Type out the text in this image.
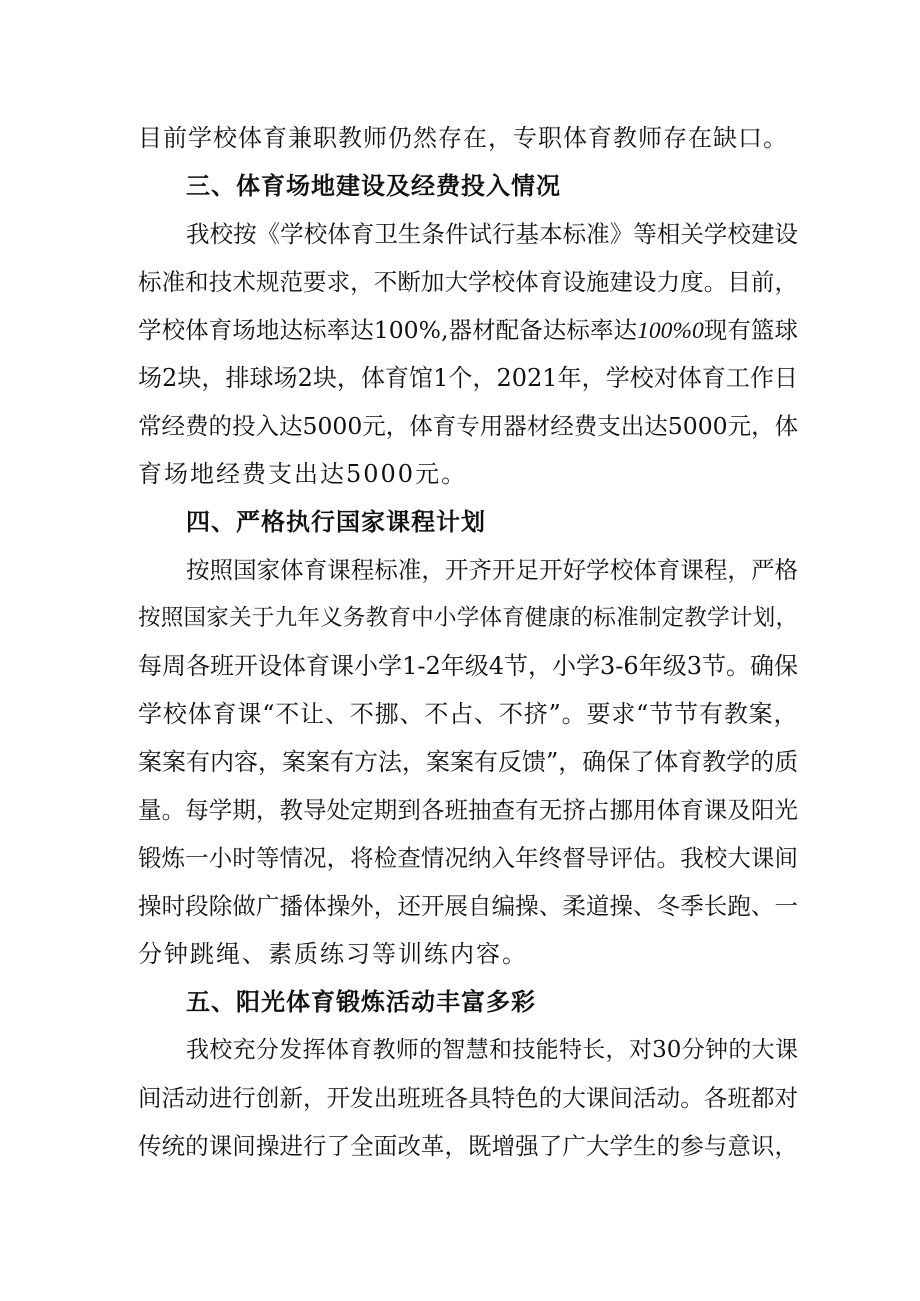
目前学校体育兼职教师仍然存在，专职体育教师存在缺口。
三、体育场地建设及经费投入情况
我校按《学校体育卫生条件试行基本标准》等相关学校建设
标准和技术规范要求，不断加大学校体育设施建设力度。目前，
学校体育场地达标率达100%,器材配备达标率达100%0现有篮球
场2块，排球场2块，体育馆1个，2021年，学校对体育工作日
常经费的投入达5000元，体育专用器材经费支出达5000元，体
育场地经费支出达5000元。
四、严格执行国家课程计划
按照国家体育课程标准，开齐开足开好学校体育课程，严格
按照国家关于九年义务教育中小学体育健康的标准制定教学计划，
每周各班开设体育课小学1-2年级4节，小学3-6年级3节。确保
学校体育课“不让、不挪、不占、不挤”。要求“节节有教案，
案案有内容，案案有方法，案案有反馈”，确保了体育教学的质
量。每学期，教导处定期到各班抽查有无挤占挪用体育课及阳光
锻炼一小时等情况，将检查情况纳入年终督导评估。我校大课间
操时段除做广播体操外，还开展自编操、柔道操、冬季长跑、一
分钟跳绳、素质练习等训练内容。
五、阳光体育锻炼活动丰富多彩
我校充分发挥体育教师的智慧和技能特长，对30分钟的大课
间活动进行创新，开发出班班各具特色的大课间活动。各班都对
传统的课间操进行了全面改革，既增强了广大学生的参与意识，
